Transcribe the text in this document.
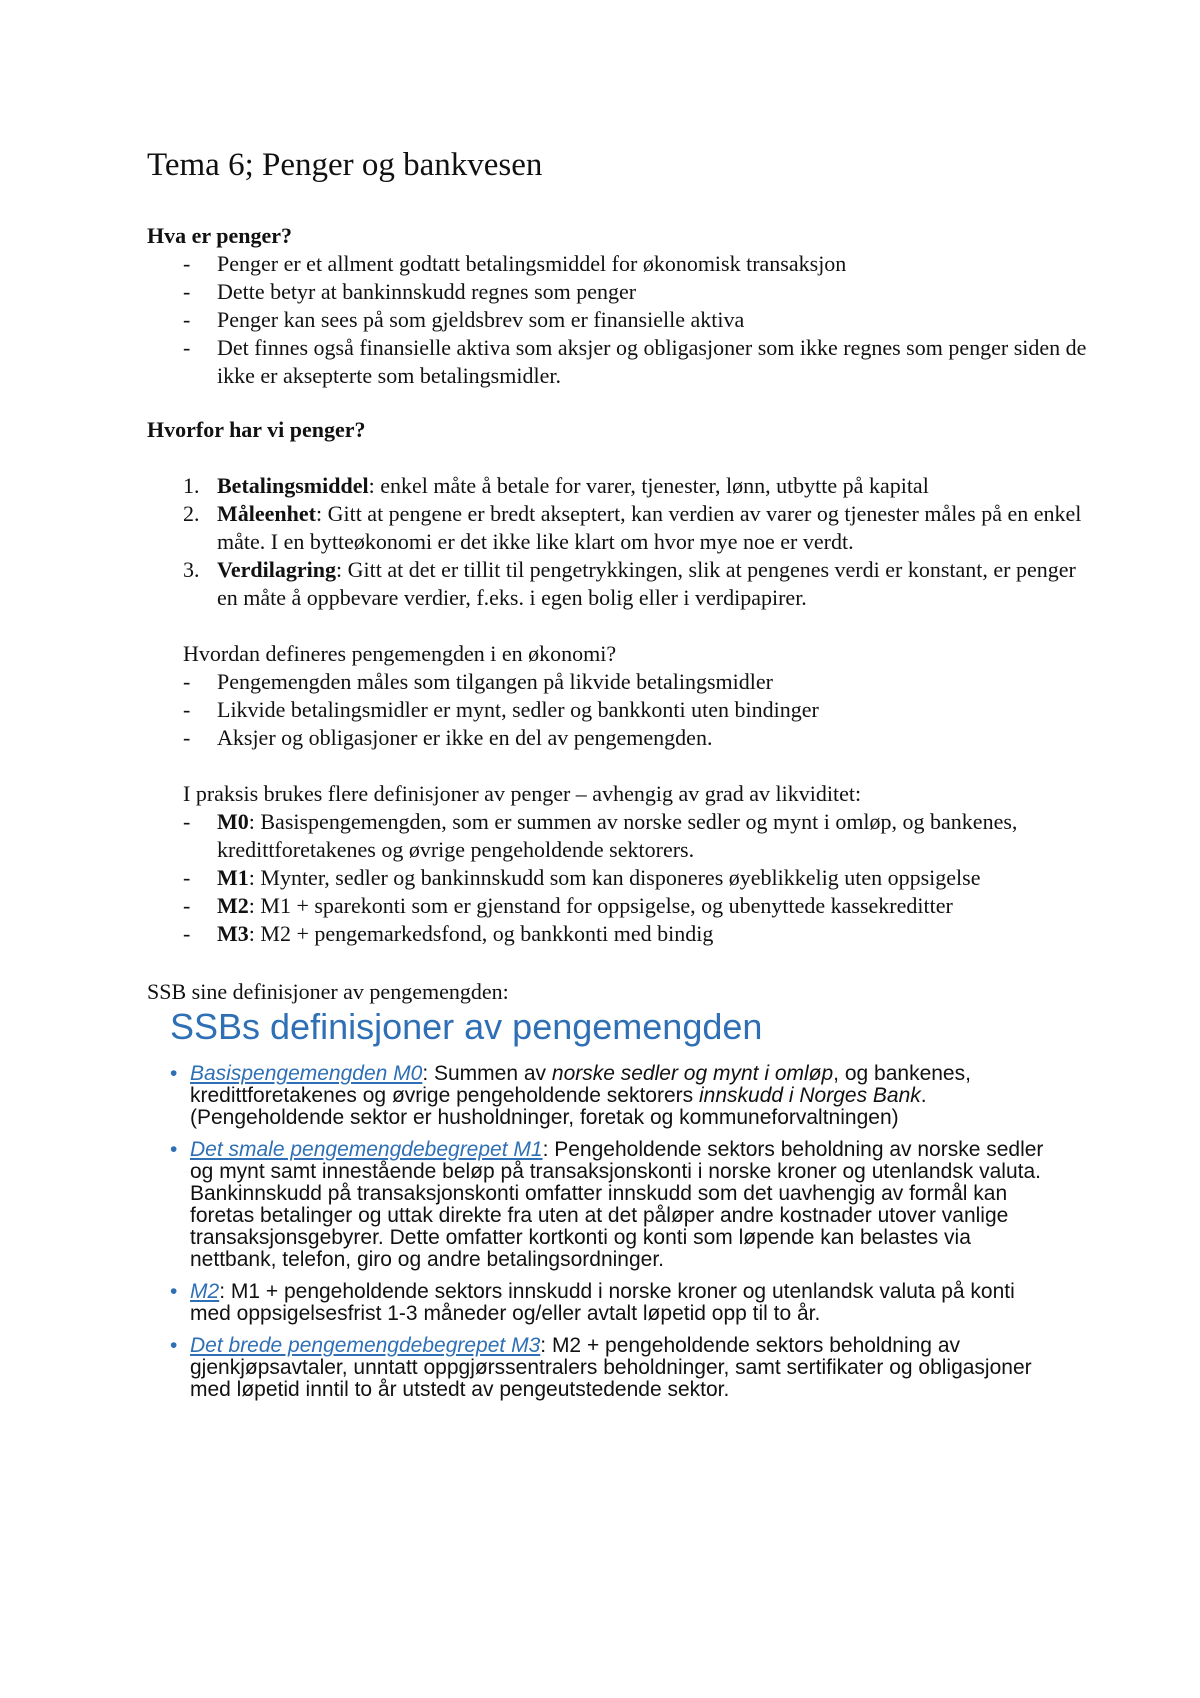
Tema 6; Penger og bankvesen
Hva er penger?
- Penger er et allment godtatt betalingsmiddel for økonomisk transaksjon
- Dette betyr at bankinnskudd regnes som penger
- Penger kan sees på som gjeldsbrev som er finansielle aktiva
- Det finnes også finansielle aktiva som aksjer og obligasjoner som ikke regnes som penger siden de ikke er aksepterte som betalingsmidler.
Hvorfor har vi penger?
1. Betalingsmiddel: enkel måte å betale for varer, tjenester, lønn, utbytte på kapital
2. Måleenhet: Gitt at pengene er bredt akseptert, kan verdien av varer og tjenester måles på en enkel måte. I en bytteøkonomi er det ikke like klart om hvor mye noe er verdt.
3. Verdilagring: Gitt at det er tillit til pengetrykkingen, slik at pengenes verdi er konstant, er penger en måte å oppbevare verdier, f.eks. i egen bolig eller i verdipapirer.
Hvordan defineres pengemengden i en økonomi?
- Pengemengden måles som tilgangen på likvide betalingsmidler
- Likvide betalingsmidler er mynt, sedler og bankkonti uten bindinger
- Aksjer og obligasjoner er ikke en del av pengemengden.
I praksis brukes flere definisjoner av penger – avhengig av grad av likviditet:
- M0: Basispengemengden, som er summen av norske sedler og mynt i omløp, og bankenes, kredittforetakenes og øvrige pengeholdende sektorers.
- M1: Mynter, sedler og bankinnskudd som kan disponeres øyeblikkelig uten oppsigelse
- M2: M1 + sparekonti som er gjenstand for oppsigelse, og ubenyttede kassekreditter
- M3: M2 + pengemarkedsfond, og bankkonti med bindig
SSB sine definisjoner av pengemengden:
SSBs definisjoner av pengemengden
• Basispengemengden M0: Summen av norske sedler og mynt i omløp, og bankenes, kredittforetakenes og øvrige pengeholdende sektorers innskudd i Norges Bank. (Pengeholdende sektor er husholdninger, foretak og kommuneforvaltningen)
• Det smale pengemengdebegrepet M1: Pengeholdende sektors beholdning av norske sedler og mynt samt innestående beløp på transaksjonskonti i norske kroner og utenlandsk valuta. Bankinnskudd på transaksjonskonti omfatter innskudd som det uavhengig av formål kan foretas betalinger og uttak direkte fra uten at det påløper andre kostnader utover vanlige transaksjonsgebyrer. Dette omfatter kortkonti og konti som løpende kan belastes via nettbank, telefon, giro og andre betalingsordninger.
• M2: M1 + pengeholdende sektors innskudd i norske kroner og utenlandsk valuta på konti med oppsigelsesfrist 1-3 måneder og/eller avtalt løpetid opp til to år.
• Det brede pengemengdebegrepet M3: M2 + pengeholdende sektors beholdning av gjenkjøpsavtaler, unntatt oppgjørssentralers beholdninger, samt sertifikater og obligasjoner med løpetid inntil to år utstedt av pengeutstedende sektor.
